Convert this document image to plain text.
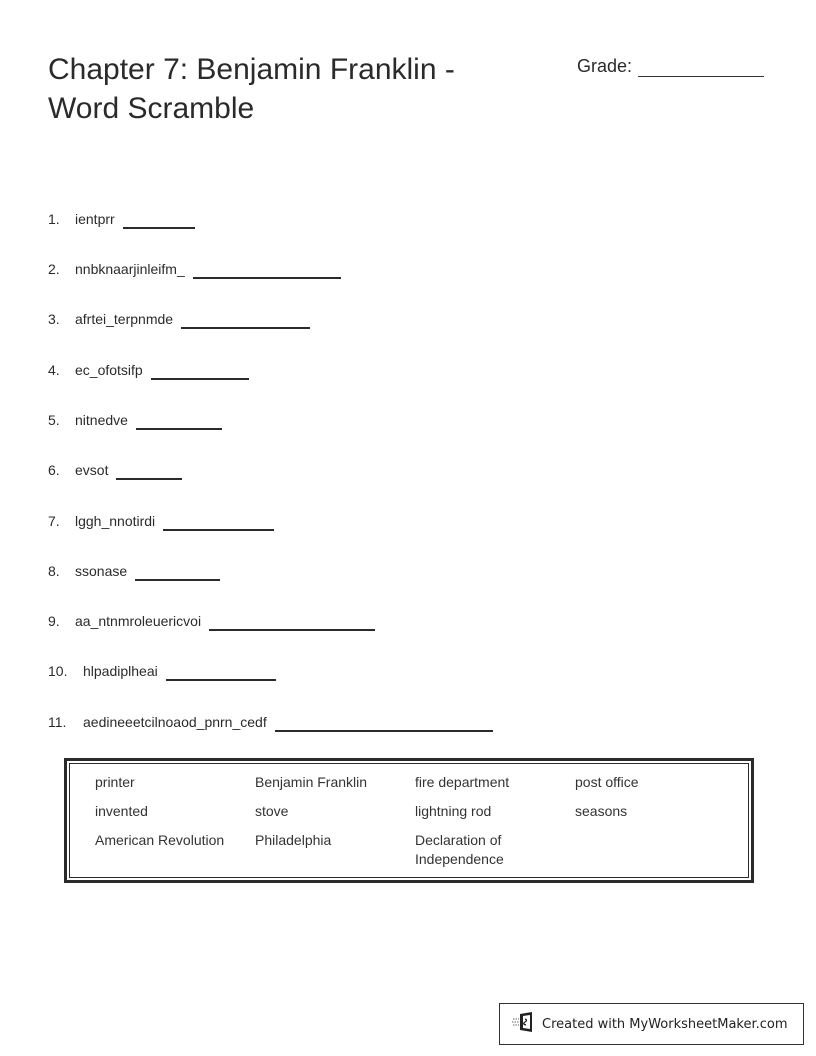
Chapter 7: Benjamin Franklin - Word Scramble
Grade:
1.	ientprr
2.	nnbknaarjinleifm_
3.	afrtei_terpnmde
4.	ec_ofotsifp
5.	nitnedve
6.	evsot
7.	lggh_nnotirdi
8.	ssonase
9.	aa_ntnmroleuericvoi
10.	hlpadiplheai
11.	aedineeetcilnoaod_pnrn_cedf
printer	Benjamin Franklin	fire department	post office
invented	stove	lightning rod	seasons
American Revolution	Philadelphia	Declaration of Independence
Created with MyWorksheetMaker.com
